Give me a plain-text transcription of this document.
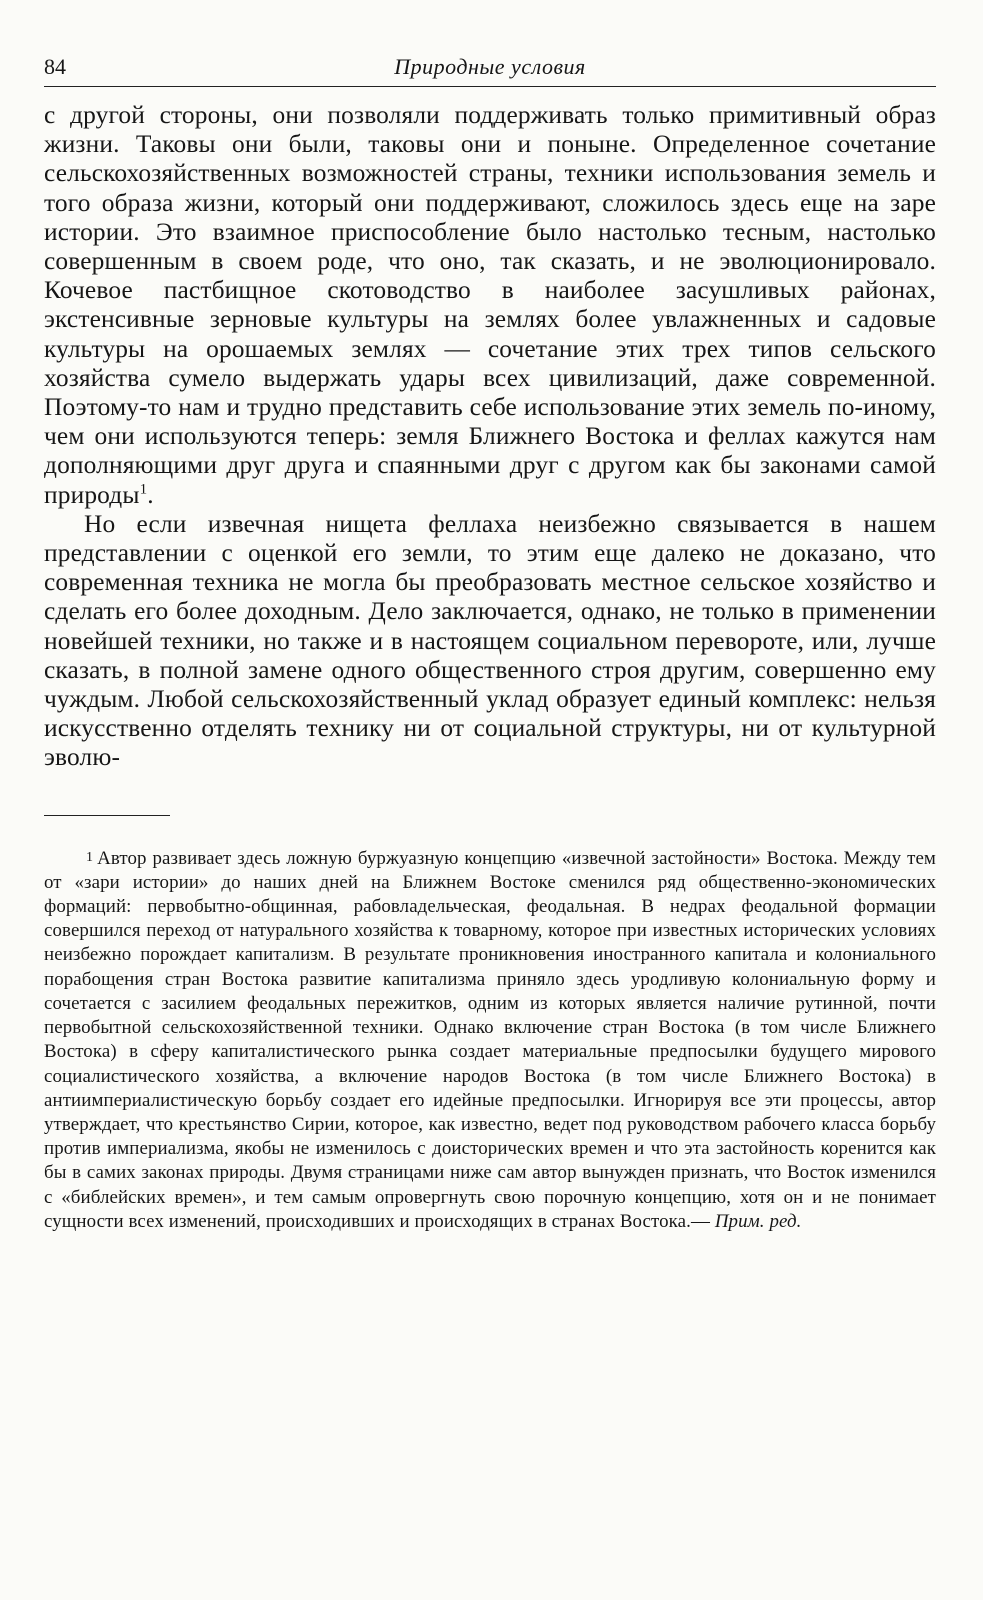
84	Природные условия

с другой стороны, они позволяли поддерживать только примитивный образ жизни. Таковы они были, таковы они и поныне. Определенное сочетание сельскохозяйственных возможностей страны, техники использования земель и того образа жизни, который они поддерживают, сложилось здесь еще на заре истории. Это взаимное приспособление было настолько тесным, настолько совершенным в своем роде, что оно, так сказать, и не эволюционировало. Кочевое пастбищное скотоводство в наиболее засушливых районах, экстенсивные зерновые культуры на землях более увлажненных и садовые культуры на орошаемых землях — сочетание этих трех типов сельского хозяйства сумело выдержать удары всех цивилизаций, даже современной. Поэтому-то нам и трудно представить себе использование этих земель по-иному, чем они используются теперь: земля Ближнего Востока и феллах кажутся нам дополняющими друг друга и спаянными друг с другом как бы законами самой природы$^1$.

Но если извечная нищета феллаха неизбежно связывается в нашем представлении с оценкой его земли, то этим еще далеко не доказано, что современная техника не могла бы преобразовать местное сельское хозяйство и сделать его более доходным. Дело заключается, однако, не только в применении новейшей техники, но также и в настоящем социальном перевороте, или, лучше сказать, в полной замене одного общественного строя другим, совершенно ему чуждым. Любой сельскохозяйственный уклад образует единый комплекс: нельзя искусственно отделять технику ни от социальной структуры, ни от культурной эволю-

1 Автор развивает здесь ложную буржуазную концепцию «извечной застойности» Востока. Между тем от «зари истории» до наших дней на Ближнем Востоке сменился ряд общественно-экономических формаций: первобытно-общинная, рабовладельческая, феодальная. В недрах феодальной формации совершился переход от натурального хозяйства к товарному, которое при известных исторических условиях неизбежно порождает капитализм. В результате проникновения иностранного капитала и колониального порабощения стран Востока развитие капитализма приняло здесь уродливую колониальную форму и сочетается с засилием феодальных пережитков, одним из которых является наличие рутинной, почти первобытной сельскохозяйственной техники. Однако включение стран Востока (в том числе Ближнего Востока) в сферу капиталистического рынка создает материальные предпосылки будущего мирового социалистического хозяйства, а включение народов Востока (в том числе Ближнего Востока) в антиимпериалистическую борьбу создает его идейные предпосылки. Игнорируя все эти процессы, автор утверждает, что крестьянство Сирии, которое, как известно, ведет под руководством рабочего класса борьбу против империализма, якобы не изменилось с доисторических времен и что эта застойность коренится как бы в самих законах природы. Двумя страницами ниже сам автор вынужден признать, что Восток изменился с «библейских времен», и тем самым опровергнуть свою порочную концепцию, хотя он и не понимает сущности всех изменений, происходивших и происходящих в странах Востока.— Прим. ред.
